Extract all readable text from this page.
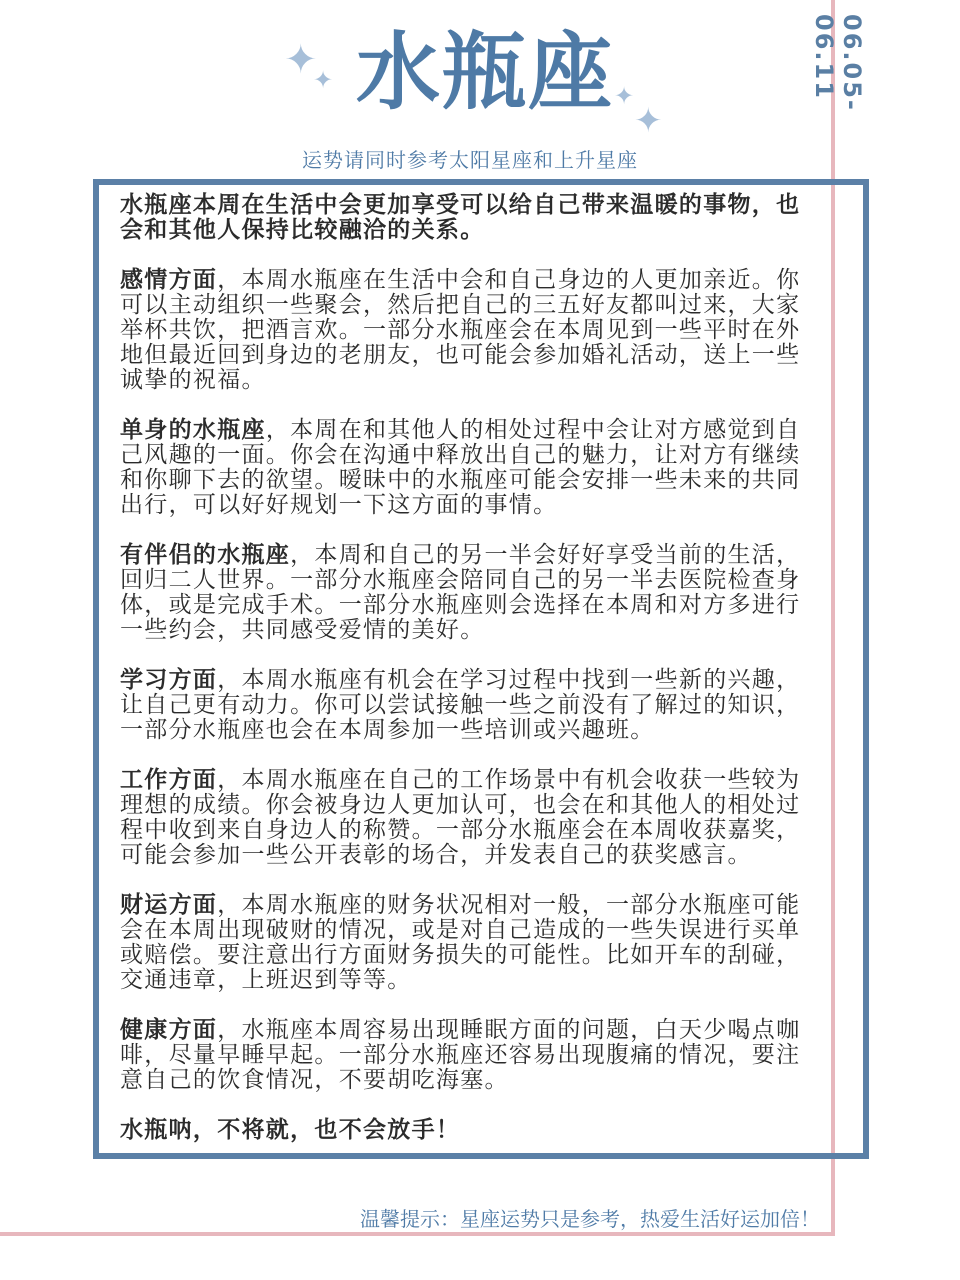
06.05-06.11
✦
✦
✦
✦
水瓶座
运势请同时参考太阳星座和上升星座

水瓶座本周在生活中会更加享受可以给自己带来温暖的事物，也会和其他人保持比较融洽的关系。

感情方面，本周水瓶座在生活中会和自己身边的人更加亲近。你可以主动组织一些聚会，然后把自己的三五好友都叫过来，大家举杯共饮，把酒言欢。一部分水瓶座会在本周见到一些平时在外地但最近回到身边的老朋友，也可能会参加婚礼活动，送上一些诚挚的祝福。

单身的水瓶座，本周在和其他人的相处过程中会让对方感觉到自己风趣的一面。你会在沟通中释放出自己的魅力，让对方有继续和你聊下去的欲望。暧昧中的水瓶座可能会安排一些未来的共同出行，可以好好规划一下这方面的事情。

有伴侣的水瓶座，本周和自己的另一半会好好享受当前的生活，回归二人世界。一部分水瓶座会陪同自己的另一半去医院检查身体，或是完成手术。一部分水瓶座则会选择在本周和对方多进行一些约会，共同感受爱情的美好。

学习方面，本周水瓶座有机会在学习过程中找到一些新的兴趣，让自己更有动力。你可以尝试接触一些之前没有了解过的知识，一部分水瓶座也会在本周参加一些培训或兴趣班。

工作方面，本周水瓶座在自己的工作场景中有机会收获一些较为理想的成绩。你会被身边人更加认可，也会在和其他人的相处过程中收到来自身边人的称赞。一部分水瓶座会在本周收获嘉奖，可能会参加一些公开表彰的场合，并发表自己的获奖感言。

财运方面，本周水瓶座的财务状况相对一般，一部分水瓶座可能会在本周出现破财的情况，或是对自己造成的一些失误进行买单或赔偿。要注意出行方面财务损失的可能性。比如开车的刮碰，交通违章，上班迟到等等。

健康方面，水瓶座本周容易出现睡眠方面的问题，白天少喝点咖啡，尽量早睡早起。一部分水瓶座还容易出现腹痛的情况，要注意自己的饮食情况，不要胡吃海塞。

水瓶呐，不将就，也不会放手！

温馨提示：星座运势只是参考，热爱生活好运加倍！
